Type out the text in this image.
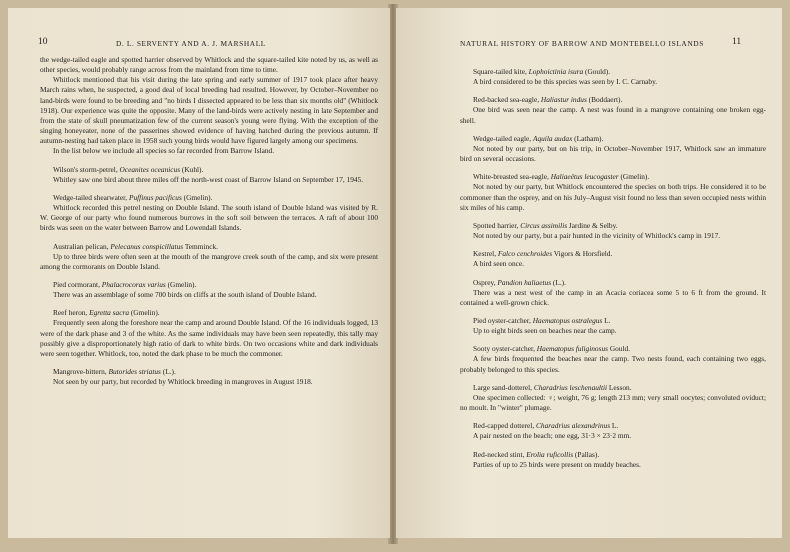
10	D. L. SERVENTY AND A. J. MARSHALL

the wedge-tailed eagle and spotted harrier observed by Whitlock and the square-tailed kite noted by us, as well as other species, would probably range across from the mainland from time to time.

Whitlock mentioned that his visit during the late spring and early summer of 1917 took place after heavy March rains when, he suspected, a good deal of local breeding had resulted. However, by October–November no land-birds were found to be breeding and "no birds I dissected appeared to be less than six months old" (Whitlock 1918). Our experience was quite the opposite. Many of the land-birds were actively nesting in late September and from the state of skull pneumatization few of the current season's young were flying. With the exception of the singing honeyeater, none of the passerines showed evidence of having hatched during the previous autumn. If autumn-nesting had taken place in 1958 such young birds would have figured largely among our specimens.

In the list below we include all species so far recorded from Barrow Island.

Wilson's storm-petrel, Oceanites oceanicus (Kuhl).

Whitley saw one bird about three miles off the north-west coast of Barrow Island on September 17, 1945.

Wedge-tailed shearwater, Puffinus pacificus (Gmelin).

Whitlock recorded this petrel nesting on Double Island. The south island of Double Island was visited by R. W. George of our party who found numerous burrows in the soft soil between the terraces. A raft of about 100 birds was seen on the water between Barrow and Lowendall Islands.

Australian pelican, Pelecanus conspicillatus Temminck.

Up to three birds were often seen at the mouth of the mangrove creek south of the camp, and six were present among the cormorants on Double Island.

Pied cormorant, Phalacrocorax varius (Gmelin).

There was an assemblage of some 700 birds on cliffs at the south island of Double Island.

Reef heron, Egretta sacra (Gmelin).

Frequently seen along the foreshore near the camp and around Double Island. Of the 16 individuals logged, 13 were of the dark phase and 3 of the white. As the same individuals may have been seen repeatedly, this tally may possibly give a disproportionately high ratio of dark to white birds. On two occasions white and dark individuals were seen together. Whitlock, too, noted the dark phase to be much the commoner.

Mangrove-bittern, Butorides striatus (L.).

Not seen by our party, but recorded by Whitlock breeding in mangroves in August 1918.

NATURAL HISTORY OF BARROW AND MONTEBELLO ISLANDS	11

Square-tailed kite, Lophoictinia isura (Gould).

A bird considered to be this species was seen by I. C. Carnaby.

Red-backed sea-eagle, Haliastur indus (Boddaert).

One bird was seen near the camp. A nest was found in a mangrove containing one broken egg-shell.

Wedge-tailed eagle, Aquila audax (Latham).

Not noted by our party, but on his trip, in October–November 1917, Whitlock saw an immature bird on several occasions.

White-breasted sea-eagle, Haliaeëtus leucogaster (Gmelin).

Not noted by our party, but Whitlock encountered the species on both trips. He considered it to be commoner than the osprey, and on his July–August visit found no less than seven occupied nests within six miles of his camp.

Spotted harrier, Circus assimilis Jardine & Selby.

Not noted by our party, but a pair hunted in the vicinity of Whitlock's camp in 1917.

Kestrel, Falco cenchroides Vigors & Horsfield.

A bird seen once.

Osprey, Pandion haliaetus (L.).

There was a nest west of the camp in an Acacia coriacea some 5 to 6 ft from the ground. It contained a well-grown chick.

Pied oyster-catcher, Haematopus ostralegus L.

Up to eight birds seen on beaches near the camp.

Sooty oyster-catcher, Haematopus fuliginosus Gould.

A few birds frequented the beaches near the camp. Two nests found, each containing two eggs, probably belonged to this species.

Large sand-dotterel, Charadrius leschenaultii Lesson.

One specimen collected: ♀; weight, 76 g; length 213 mm; very small oocytes; convoluted oviduct; no moult. In "winter" plumage.

Red-capped dotterel, Charadrius alexandrinus L.

A pair nested on the beach; one egg, 31·3 × 23·2 mm.

Red-necked stint, Erolia ruficollis (Pallas).

Parties of up to 25 birds were present on muddy beaches.
